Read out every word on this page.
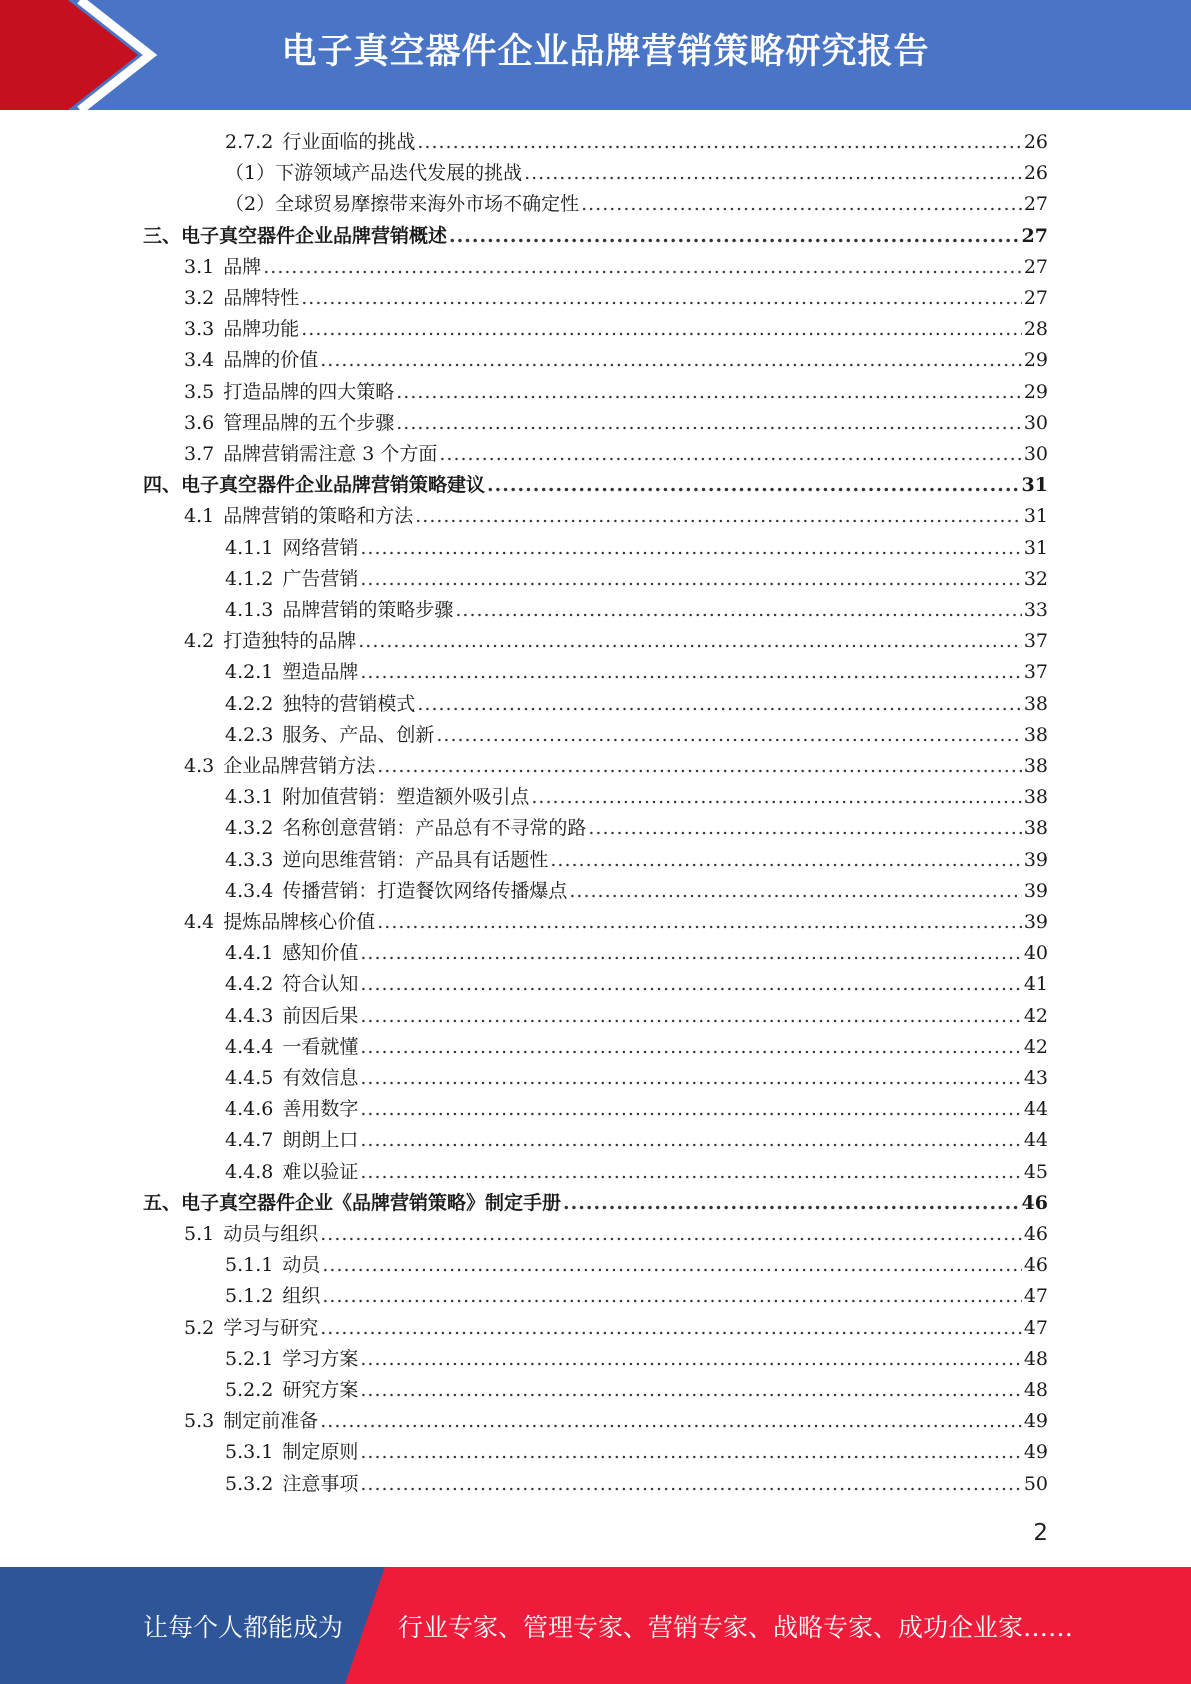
电子真空器件企业品牌营销策略研究报告
2.7.2 行业面临的挑战 .....	26
（1）下游领域产品迭代发展的挑战 .....	26
（2）全球贸易摩擦带来海外市场不确定性 .....	27
三、电子真空器件企业品牌营销概述 .....	27
3.1 品牌 .....	27
3.2 品牌特性 .....	27
3.3 品牌功能 .....	28
3.4 品牌的价值 .....	29
3.5 打造品牌的四大策略 .....	29
3.6 管理品牌的五个步骤 .....	30
3.7 品牌营销需注意 3 个方面 .....	30
四、电子真空器件企业品牌营销策略建议 .....	31
4.1 品牌营销的策略和方法 .....	31
4.1.1 网络营销 .....	31
4.1.2 广告营销 .....	32
4.1.3 品牌营销的策略步骤 .....	33
4.2 打造独特的品牌 .....	37
4.2.1 塑造品牌 .....	37
4.2.2 独特的营销模式 .....	38
4.2.3 服务、产品、创新 .....	38
4.3 企业品牌营销方法 .....	38
4.3.1 附加值营销：塑造额外吸引点 .....	38
4.3.2 名称创意营销：产品总有不寻常的路 .....	38
4.3.3 逆向思维营销：产品具有话题性 .....	39
4.3.4 传播营销：打造餐饮网络传播爆点 .....	39
4.4 提炼品牌核心价值 .....	39
4.4.1 感知价值 .....	40
4.4.2 符合认知 .....	41
4.4.3 前因后果 .....	42
4.4.4 一看就懂 .....	42
4.4.5 有效信息 .....	43
4.4.6 善用数字 .....	44
4.4.7 朗朗上口 .....	44
4.4.8 难以验证 .....	45
五、电子真空器件企业《品牌营销策略》制定手册 .....	46
5.1 动员与组织 .....	46
5.1.1 动员 .....	46
5.1.2 组织 .....	47
5.2 学习与研究 .....	47
5.2.1 学习方案 .....	48
5.2.2 研究方案 .....	48
5.3 制定前准备 .....	49
5.3.1 制定原则 .....	49
5.3.2 注意事项 .....	50
2
让每个人都能成为 行业专家、管理专家、营销专家、战略专家、成功企业家……
